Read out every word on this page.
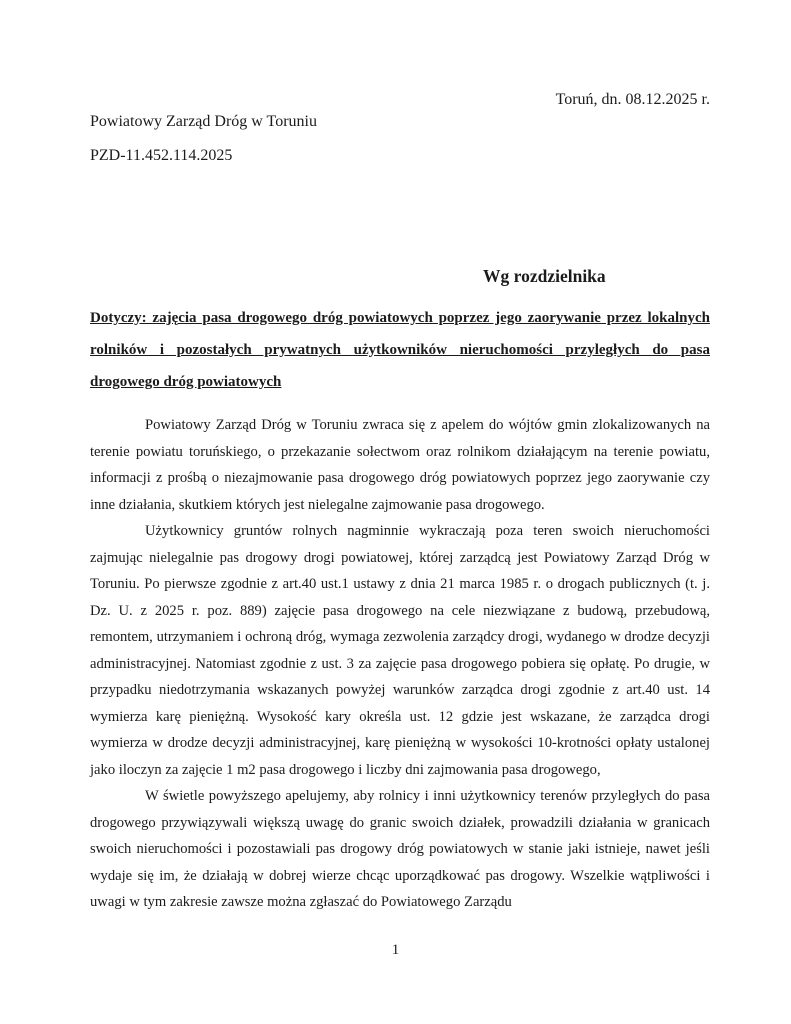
Toruń, dn. 08.12.2025 r.
Powiatowy Zarząd Dróg w Toruniu
PZD-11.452.114.2025
Wg rozdzielnika
Dotyczy: zajęcia pasa drogowego dróg powiatowych poprzez jego zaorywanie przez lokalnych rolników i pozostałych prywatnych użytkowników nieruchomości przyległych do pasa drogowego dróg powiatowych

Powiatowy Zarząd Dróg w Toruniu zwraca się z apelem do wójtów gmin zlokalizowanych na terenie powiatu toruńskiego, o przekazanie sołectwom oraz rolnikom działającym na terenie powiatu, informacji z prośbą o niezajmowanie pasa drogowego dróg powiatowych poprzez jego zaorywanie czy inne działania, skutkiem których jest nielegalne zajmowanie pasa drogowego.

Użytkownicy gruntów rolnych nagminnie wykraczają poza teren swoich nieruchomości zajmując nielegalnie pas drogowy drogi powiatowej, której zarządcą jest Powiatowy Zarząd Dróg w Toruniu. Po pierwsze zgodnie z art.40 ust.1 ustawy z dnia 21 marca 1985 r. o drogach publicznych (t. j. Dz. U. z 2025 r. poz. 889) zajęcie pasa drogowego na cele niezwiązane z budową, przebudową, remontem, utrzymaniem i ochroną dróg, wymaga zezwolenia zarządcy drogi, wydanego w drodze decyzji administracyjnej. Natomiast zgodnie z ust. 3 za zajęcie pasa drogowego pobiera się opłatę. Po drugie, w przypadku niedotrzymania wskazanych powyżej warunków zarządca drogi zgodnie z art.40 ust. 14 wymierza karę pieniężną. Wysokość kary określa ust. 12 gdzie jest wskazane, że zarządca drogi wymierza w drodze decyzji administracyjnej, karę pieniężną w wysokości 10-krotności opłaty ustalonej jako iloczyn za zajęcie 1 m2 pasa drogowego i liczby dni zajmowania pasa drogowego,

W świetle powyższego apelujemy, aby rolnicy i inni użytkownicy terenów przyległych do pasa drogowego przywiązywali większą uwagę do granic swoich działek, prowadzili działania w granicach swoich nieruchomości i pozostawiali pas drogowy dróg powiatowych w stanie jaki istnieje, nawet jeśli wydaje się im, że działają w dobrej wierze chcąc uporządkować pas drogowy. Wszelkie wątpliwości i uwagi w tym zakresie zawsze można zgłaszać do Powiatowego Zarządu

1
